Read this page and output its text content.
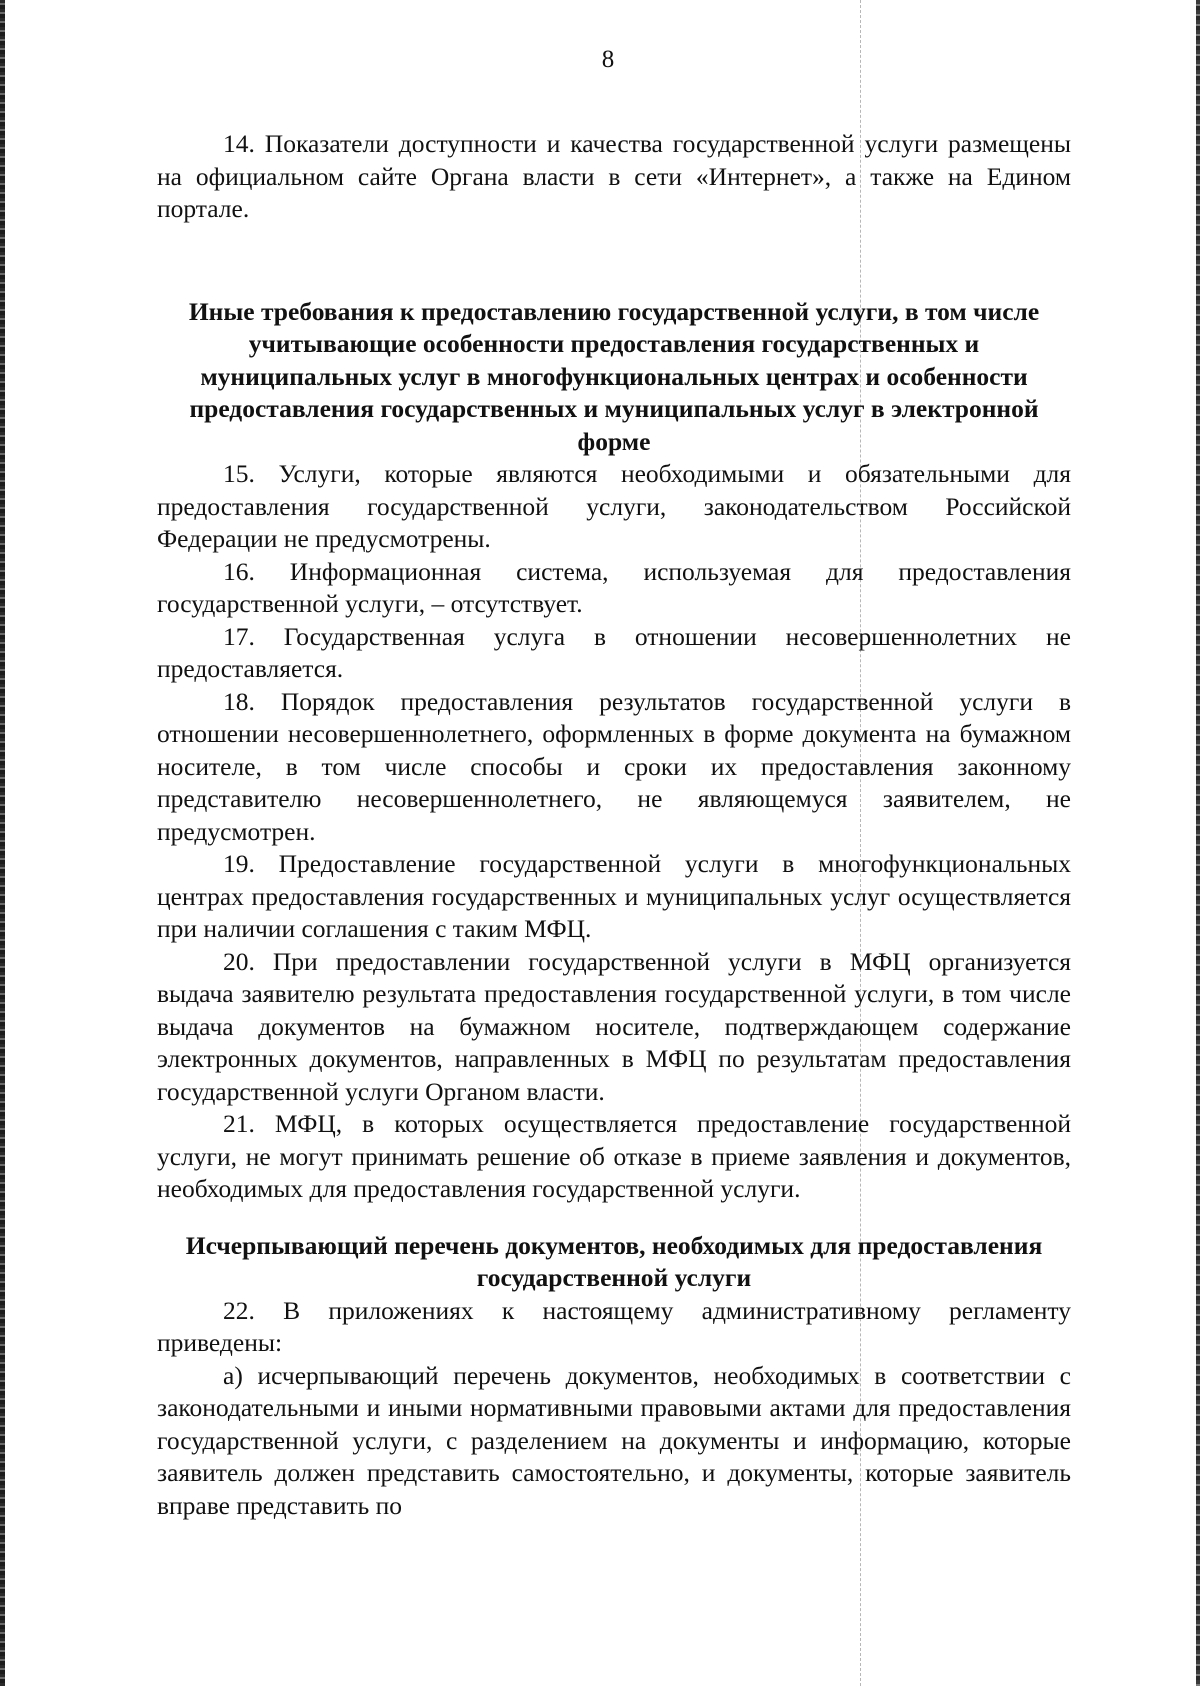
8

14. Показатели доступности и качества государственной услуги размещены на официальном сайте Органа власти в сети «Интернет», а также на Едином портале.

Иные требования к предоставлению государственной услуги, в том числе учитывающие особенности предоставления государственных и муниципальных услуг в многофункциональных центрах и особенности предоставления государственных и муниципальных услуг в электронной форме

15. Услуги, которые являются необходимыми и обязательными для предоставления государственной услуги, законодательством Российской Федерации не предусмотрены.

16. Информационная система, используемая для предоставления государственной услуги, – отсутствует.

17. Государственная услуга в отношении несовершеннолетних не предоставляется.

18. Порядок предоставления результатов государственной услуги в отношении несовершеннолетнего, оформленных в форме документа на бумажном носителе, в том числе способы и сроки их предоставления законному представителю несовершеннолетнего, не являющемуся заявителем, не предусмотрен.

19. Предоставление государственной услуги в многофункциональных центрах предоставления государственных и муниципальных услуг осуществляется при наличии соглашения с таким МФЦ.

20. При предоставлении государственной услуги в МФЦ организуется выдача заявителю результата предоставления государственной услуги, в том числе выдача документов на бумажном носителе, подтверждающем содержание электронных документов, направленных в МФЦ по результатам предоставления государственной услуги Органом власти.

21. МФЦ, в которых осуществляется предоставление государственной услуги, не могут принимать решение об отказе в приеме заявления и документов, необходимых для предоставления государственной услуги.

Исчерпывающий перечень документов, необходимых для предоставления государственной услуги

22. В приложениях к настоящему административному регламенту приведены:

а) исчерпывающий перечень документов, необходимых в соответствии с законодательными и иными нормативными правовыми актами для предоставления государственной услуги, с разделением на документы и информацию, которые заявитель должен представить самостоятельно, и документы, которые заявитель вправе представить по
